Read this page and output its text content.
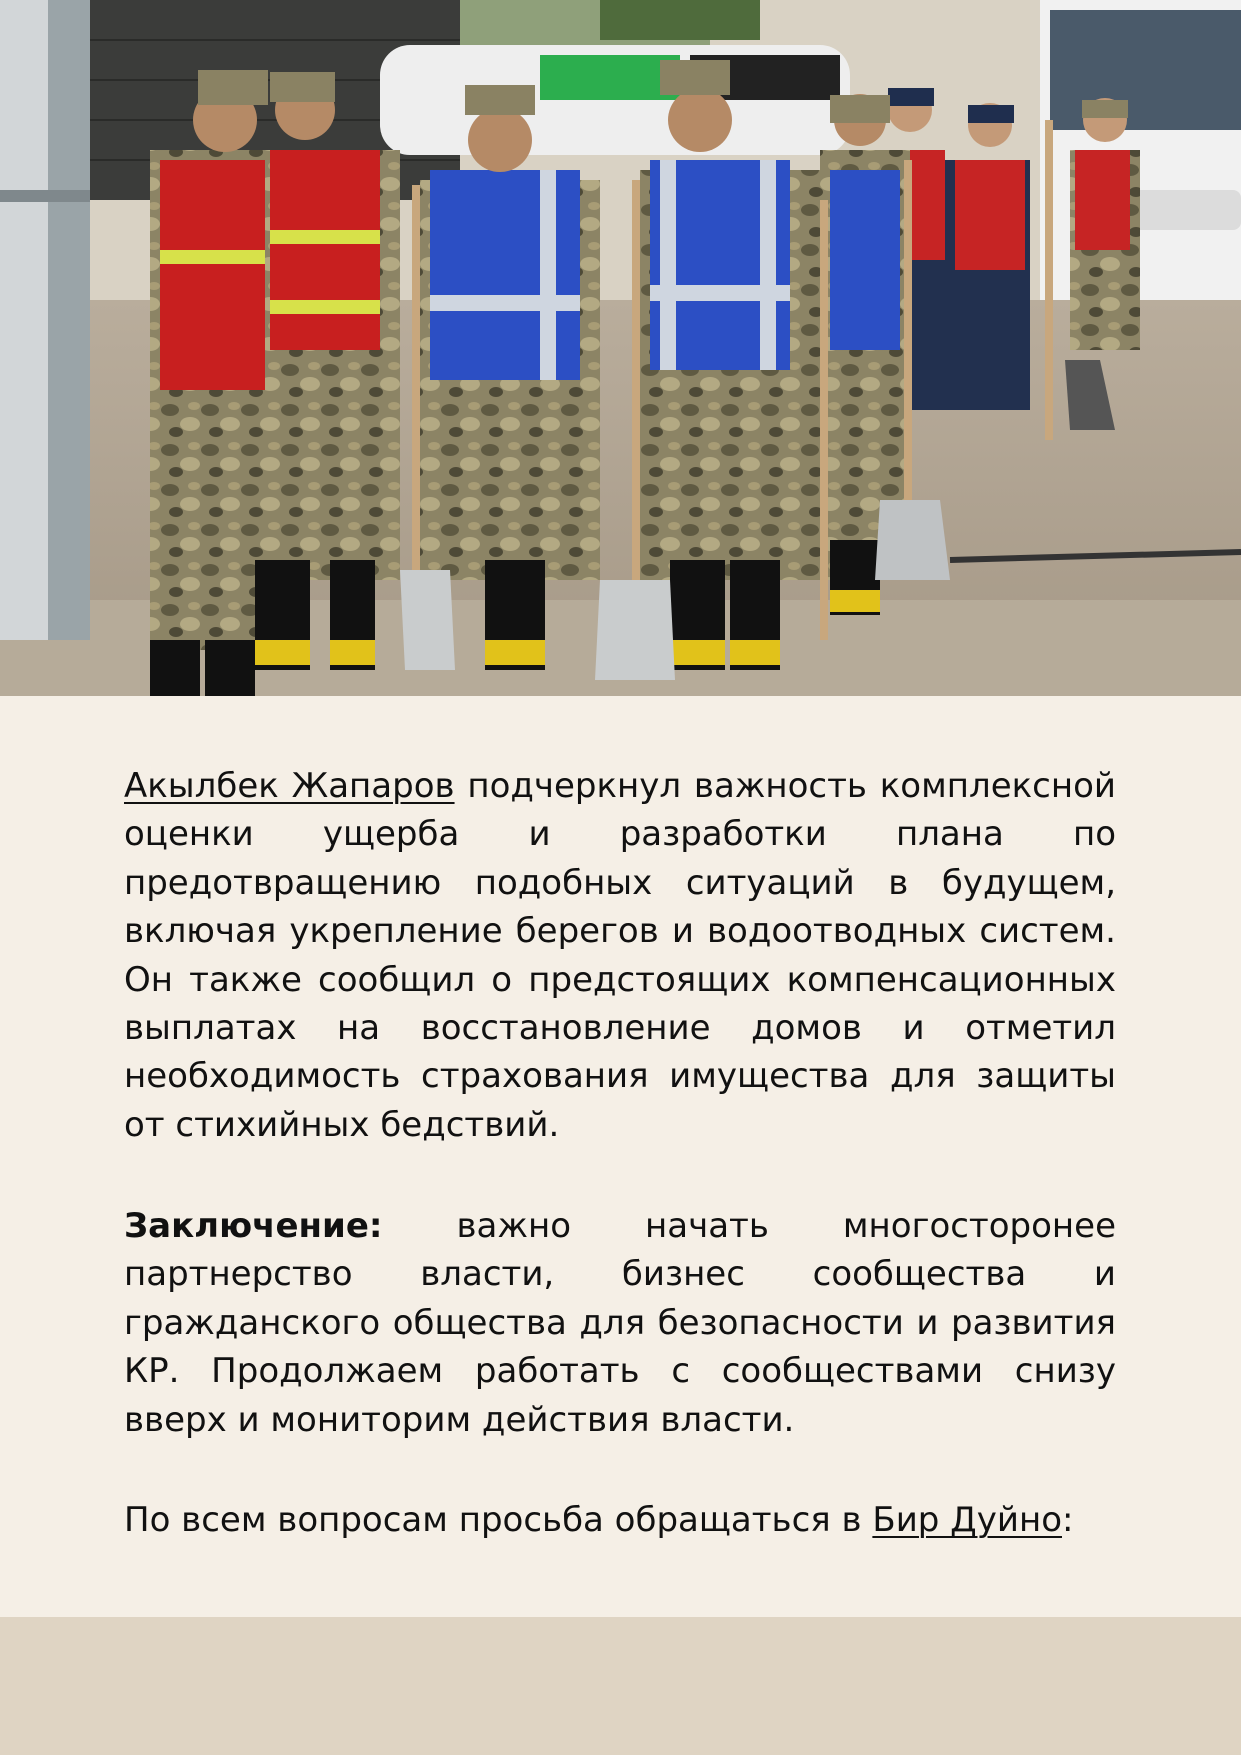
Акылбек Жапаров подчеркнул важность комплексной оценки ущерба и разработки плана по предотвращению подобных ситуаций в будущем, включая укрепление берегов и водоотводных систем. Он также сообщил о предстоящих компенсационных выплатах на восстановление домов и отметил необходимость страхования имущества для защиты от стихийных бедствий.

Заключение: важно начать многосторонее партнерство власти, бизнес сообщества и гражданского общества для безопасности и развития КР. Продолжаем работать с сообществами снизу вверх и мониторим действия власти.

По всем вопросам просьба обращаться в Бир Дуйно:
